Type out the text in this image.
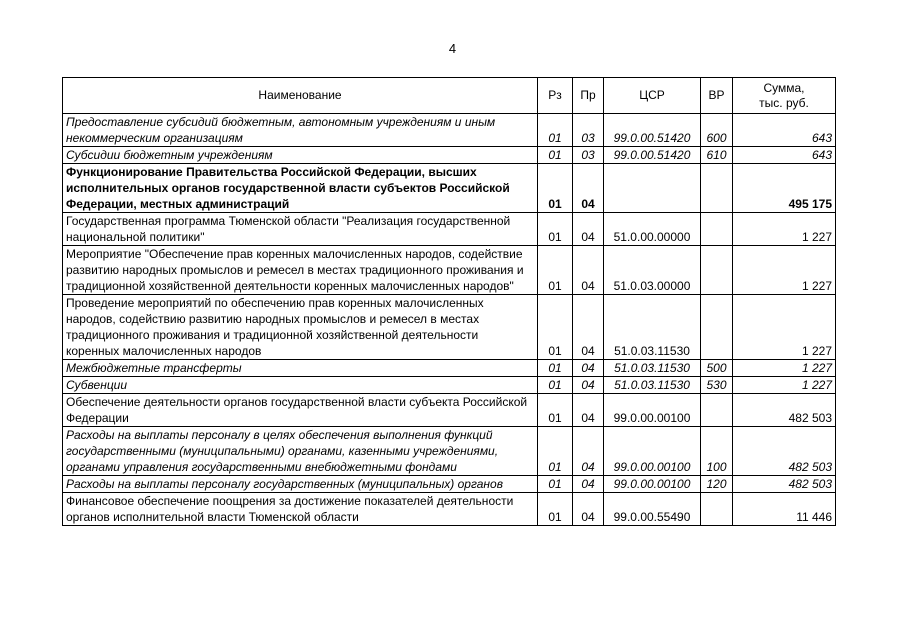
4
Наименование	Рз	Пр	ЦСР	ВР	Сумма,
тыс. руб.
Предоставление субсидий бюджетным, автономным учреждениям и иным некоммерческим организациям	01	03	99.0.00.51420	600	643
Субсидии бюджетным учреждениям	01	03	99.0.00.51420	610	643
Функционирование Правительства Российской Федерации, высших исполнительных органов государственной власти субъектов Российской Федерации, местных администраций	01	04			495 175
Государственная программа Тюменской области "Реализация государственной национальной политики"	01	04	51.0.00.00000		1 227
Мероприятие "Обеспечение прав коренных малочисленных народов, содействие развитию народных промыслов и ремесел в местах традиционного проживания и традиционной хозяйственной деятельности коренных малочисленных народов"	01	04	51.0.03.00000		1 227
Проведение мероприятий по обеспечению прав коренных малочисленных народов, содействию развитию народных промыслов и ремесел в местах традиционного проживания и традиционной хозяйственной деятельности коренных малочисленных народов	01	04	51.0.03.11530		1 227
Межбюджетные трансферты	01	04	51.0.03.11530	500	1 227
Субвенции	01	04	51.0.03.11530	530	1 227
Обеспечение деятельности органов государственной власти субъекта Российской Федерации	01	04	99.0.00.00100		482 503
Расходы на выплаты персоналу в целях обеспечения выполнения функций государственными (муниципальными) органами, казенными учреждениями, органами управления государственными внебюджетными фондами	01	04	99.0.00.00100	100	482 503
Расходы на выплаты персоналу государственных (муниципальных) органов	01	04	99.0.00.00100	120	482 503
Финансовое обеспечение поощрения за достижение показателей деятельности органов исполнительной власти Тюменской области	01	04	99.0.00.55490		11 446
